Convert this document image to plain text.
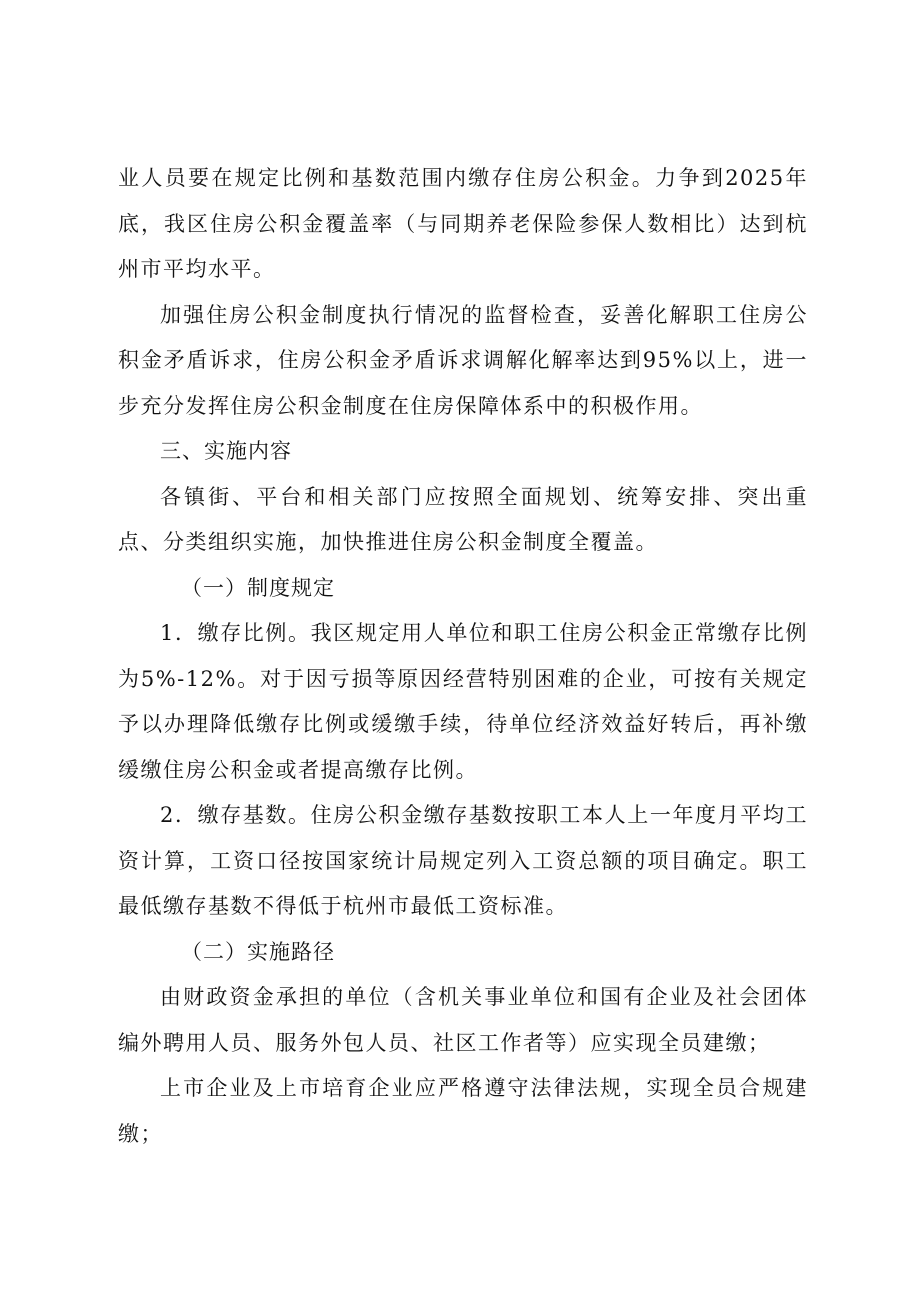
业人员要在规定比例和基数范围内缴存住房公积金。力争到2025年底，我区住房公积金覆盖率（与同期养老保险参保人数相比）达到杭州市平均水平。

加强住房公积金制度执行情况的监督检查，妥善化解职工住房公积金矛盾诉求，住房公积金矛盾诉求调解化解率达到95%以上，进一步充分发挥住房公积金制度在住房保障体系中的积极作用。

三、实施内容

各镇街、平台和相关部门应按照全面规划、统筹安排、突出重点、分类组织实施，加快推进住房公积金制度全覆盖。

（一）制度规定

1．缴存比例。我区规定用人单位和职工住房公积金正常缴存比例为5%-12%。对于因亏损等原因经营特别困难的企业，可按有关规定予以办理降低缴存比例或缓缴手续，待单位经济效益好转后，再补缴缓缴住房公积金或者提高缴存比例。

2．缴存基数。住房公积金缴存基数按职工本人上一年度月平均工资计算，工资口径按国家统计局规定列入工资总额的项目确定。职工最低缴存基数不得低于杭州市最低工资标准。

（二）实施路径

由财政资金承担的单位（含机关事业单位和国有企业及社会团体编外聘用人员、服务外包人员、社区工作者等）应实现全员建缴；

上市企业及上市培育企业应严格遵守法律法规，实现全员合规建缴；
